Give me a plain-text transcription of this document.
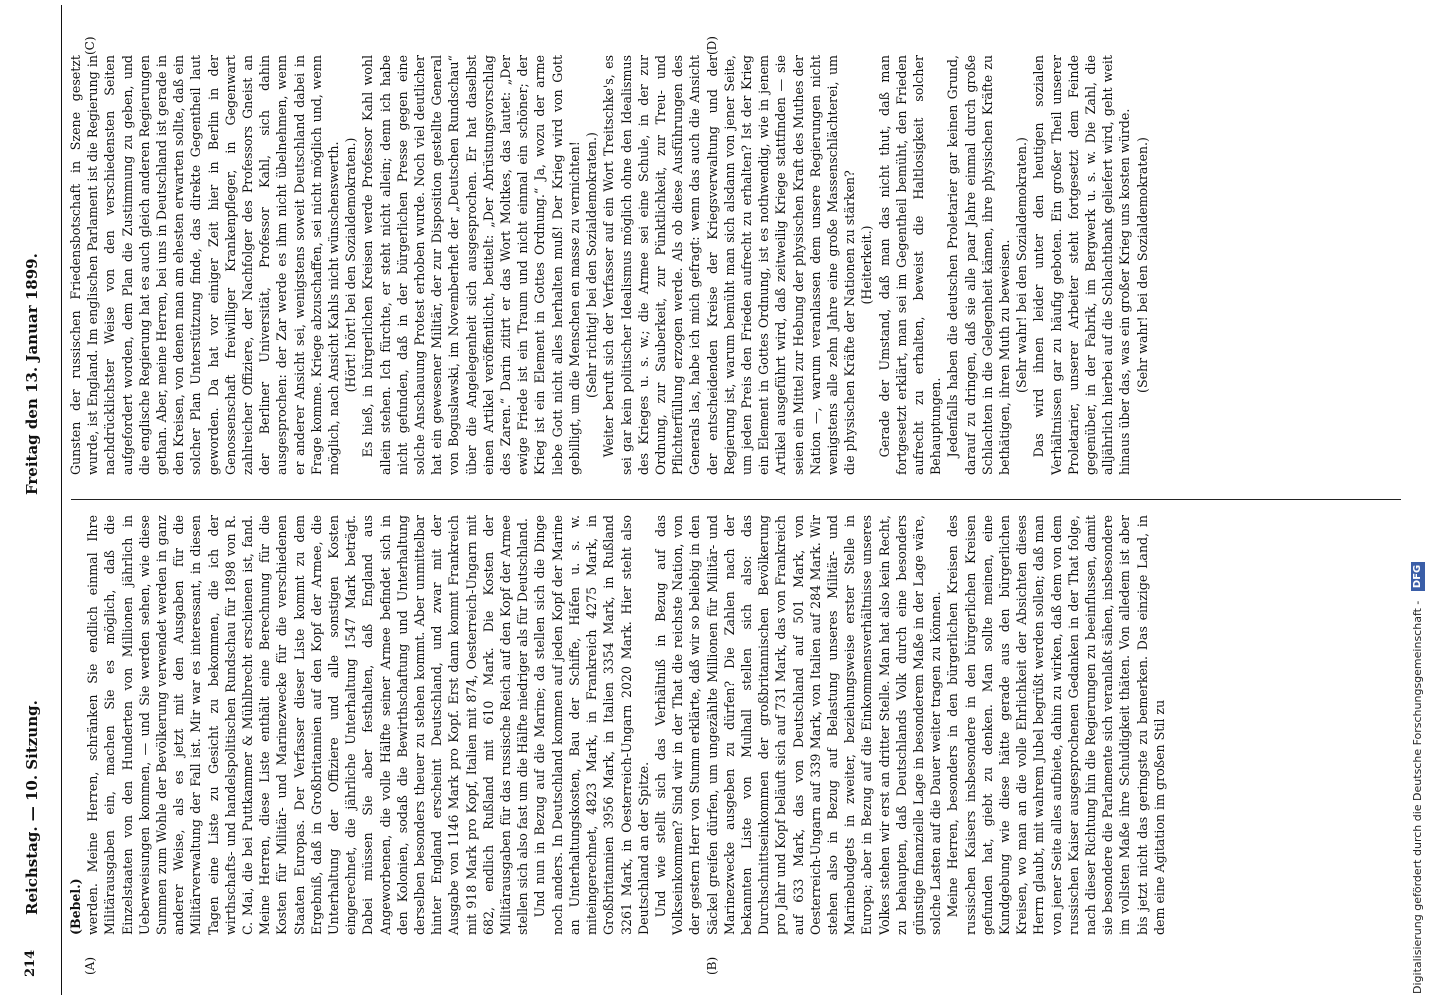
214
Reichstag. — 10. Sitzung.
Freitag den 13. Januar 1899.
(A)	(B)
(C)	(D)

(Bebel.) werden. Meine Herren, schränken Sie endlich einmal Ihre Militärausgaben ein, machen Sie es möglich, daß die Einzelstaaten von den Hunderten von Millionen jährlich in Ueberweisungen kommen, — und Sie werden sehen, wie diese Summen zum Wohle der Bevölkerung verwendet werden in ganz anderer Weise, als es jetzt mit den Ausgaben für die Militärverwaltung der Fall ist. Mir war es interessant, in diesen Tagen eine Liste zu Gesicht zu bekommen, die ich der wirthschafts- und handelspolitischen Rundschau für 1898 von R. C. Mai, die bei Puttkammer & Mühlbrecht erschienen ist, fand. Meine Herren, diese Liste enthält eine Berechnung für die Kosten für Militär- und Marinezwecke für die verschiedenen Staaten Europas. Der Verfasser dieser Liste kommt zu dem Ergebniß, daß in Großbritannien auf den Kopf der Armee, die Unterhaltung der Offiziere und alle sonstigen Kosten eingerechnet, die jährliche Unterhaltung 1547 Mark beträgt. Dabei müssen Sie aber festhalten, daß England aus Angeworbenen, die volle Hälfte seiner Armee befindet sich in den Kolonien, sodaß die Bewirthschaftung und Unterhaltung derselben besonders theuer zu stehen kommt. Aber unmittelbar hinter England erscheint Deutschland, und zwar mit der Ausgabe von 1146 Mark pro Kopf. Erst dann kommt Frankreich mit 918 Mark pro Kopf, Italien mit 874, Oesterreich-Ungarn mit 682, endlich Rußland mit 610 Mark. Die Kosten der Militärausgaben für das russische Reich auf den Kopf der Armee stellen sich also fast um die Hälfte niedriger als für Deutschland. Und nun in Bezug auf die Marine; da stellen sich die Dinge noch anders. In Deutschland kommen auf jeden Kopf der Marine an Unterhaltungskosten, Bau der Schiffe, Häfen u. s. w. miteingerechnet, 4823 Mark, in Frankreich 4275 Mark, in Großbritannien 3956 Mark, in Italien 3354 Mark, in Rußland 3261 Mark, in Oesterreich-Ungarn 2020 Mark. Hier steht also Deutschland an der Spitze. Und wie stellt sich das Verhältniß in Bezug auf das Volkseinkommen? Sind wir in der That die reichste Nation, von der gestern Herr von Stumm erklärte, daß wir so beliebig in den Säckel greifen dürfen, um ungezählte Millionen für Militär- und Marinezwecke ausgeben zu dürfen? Die Zahlen nach der bekannten Liste von Mulhall stellen sich also: das Durchschnittseinkommen der großbritannischen Bevölkerung pro Jahr und Kopf beläuft sich auf 731 Mark, das von Frankreich auf 633 Mark, das von Deutschland auf 501 Mark, von Oesterreich-Ungarn auf 339 Mark, von Italien auf 284 Mark. Wir stehen also in Bezug auf Belastung unseres Militär- und Marinebudgets in zweiter, beziehungsweise erster Stelle in Europa; aber in Bezug auf die Einkommensverhältnisse unseres Volkes stehen wir erst an dritter Stelle. Man hat also kein Recht, zu behaupten, daß Deutschlands Volk durch eine besonders günstige finanzielle Lage in besonderem Maße in der Lage wäre, solche Lasten auf die Dauer weiter tragen zu können. Meine Herren, besonders in den bürgerlichen Kreisen des russischen Kaisers insbesondere in den bürgerlichen Kreisen gefunden hat, giebt zu denken. Man sollte meinen, eine Kundgebung wie diese hätte gerade aus den bürgerlichen Kreisen, wo man an die volle Ehrlichkeit der Absichten dieses Herrn glaubt, mit wahrem Jubel begrüßt werden sollen; daß man von jener Seite alles aufbiete, dahin zu wirken, daß dem von dem russischen Kaiser ausgesprochenen Gedanken in der That folge, nach dieser Richtung hin die Regierungen zu beeinflussen, damit sie besondere die Parlamente sich veranlaßt sähen, insbesondere im vollsten Maße ihre Schuldigkeit thäten. Von alledem ist aber bis jetzt nicht das geringste zu bemerken. Das einzige Land, in dem eine Agitation im großen Stil zu

Gunsten der russischen Friedensbotschaft in Szene gesetzt wurde, ist England. Im englischen Parlament ist die Regierung in nachdrücklichster Weise von den verschiedensten Seiten aufgefordert worden, dem Plan die Zustimmung zu geben, und die englische Regierung hat es auch gleich anderen Regierungen gethan. Aber, meine Herren, bei uns in Deutschland ist gerade in den Kreisen, von denen man am ehesten erwarten sollte, daß ein solcher Plan Unterstützung finde, das direkte Gegentheil laut geworden. Da hat vor einiger Zeit hier in Berlin in der Genossenschaft freiwilliger Krankenpfleger, in Gegenwart zahlreicher Offiziere, der Nachfolger des Professors Gneist an der Berliner Universität, Professor Kahl, sich dahin ausgesprochen: der Zar werde es ihm nicht übelnehmen, wenn er anderer Ansicht sei, wenigstens soweit Deutschland dabei in Frage komme. Kriege abzuschaffen, sei nicht möglich und, wenn möglich, nach Ansicht Kahls nicht wünschenswerth. (Hört! hört! bei den Sozialdemokraten.) Es hieß, in bürgerlichen Kreisen werde Professor Kahl wohl allein stehen. Ich fürchte, er steht nicht allein; denn ich habe nicht gefunden, daß in der bürgerlichen Presse gegen eine solche Anschauung Protest erhoben wurde. Noch viel deutlicher hat ein gewesener Militär, der zur Disposition gestellte General von Boguslawski, im Novemberheft der „Deutschen Rundschau“ über die Angelegenheit sich ausgesprochen. Er hat daselbst einen Artikel veröffentlicht, betitelt: „Der Abrüstungsvorschlag des Zaren.“ Darin zitirt er das Wort Moltkes, das lautet: „Der ewige Friede ist ein Traum und nicht einmal ein schöner; der Krieg ist ein Element in Gottes Ordnung.“ Ja, wozu der arme liebe Gott nicht alles herhalten muß! Der Krieg wird von Gott gebilligt, um die Menschen en masse zu vernichten! (Sehr richtig! bei den Sozialdemokraten.) Weiter beruft sich der Verfasser auf ein Wort Treitschke's, es sei gar kein politischer Idealismus möglich ohne den Idealismus des Krieges u. s. w.; die Armee sei eine Schule, in der zur Ordnung, zur Sauberkeit, zur Pünktlichkeit, zur Treu- und Pflichterfüllung erzogen werde. Als ob diese Ausführungen des Generals las, habe ich mich gefragt: wenn das auch die Ansicht der entscheidenden Kreise der Kriegsverwaltung und der Regierung ist, warum bemüht man sich alsdann von jener Seite, um jeden Preis den Frieden aufrecht zu erhalten? Ist der Krieg ein Element in Gottes Ordnung, ist es nothwendig, wie in jenem Artikel ausgeführt wird, daß zeitweilig Kriege stattfinden — sie seien ein Mittel zur Hebung der physischen Kraft des Muthes der Nation —, warum veranlassen dem unsere Regierungen nicht wenigstens alle zehn Jahre eine große Massenschlächterei, um die physischen Kräfte der Nationen zu stärken? (Heiterkeit.) Gerade der Umstand, daß man das nicht thut, daß man fortgesetzt erklärt, man sei im Gegentheil bemüht, den Frieden aufrecht zu erhalten, beweist die Haltlosigkeit solcher Behauptungen. Jedenfalls haben die deutschen Proletarier gar keinen Grund, darauf zu dringen, daß sie alle paar Jahre einmal durch große Schlachten in die Gelegenheit kämen, ihre physischen Kräfte zu bethätigen, ihren Muth zu beweisen. (Sehr wahr! bei den Sozialdemokraten.) Das wird ihnen leider unter den heutigen sozialen Verhältnissen gar zu häufig geboten. Ein großer Theil unserer Proletarier, unserer Arbeiter steht fortgesetzt dem Feinde gegenüber, in der Fabrik, im Bergwerk u. s. w. Die Zahl, die alljährlich hierbei auf die Schlachtbank geliefert wird, geht weit hinaus über das, was ein großer Krieg uns kosten würde. (Sehr wahr! bei den Sozialdemokraten.)

Digitalisierung gefördert durch die Deutsche Forschungsgemeinschaft - DFG
